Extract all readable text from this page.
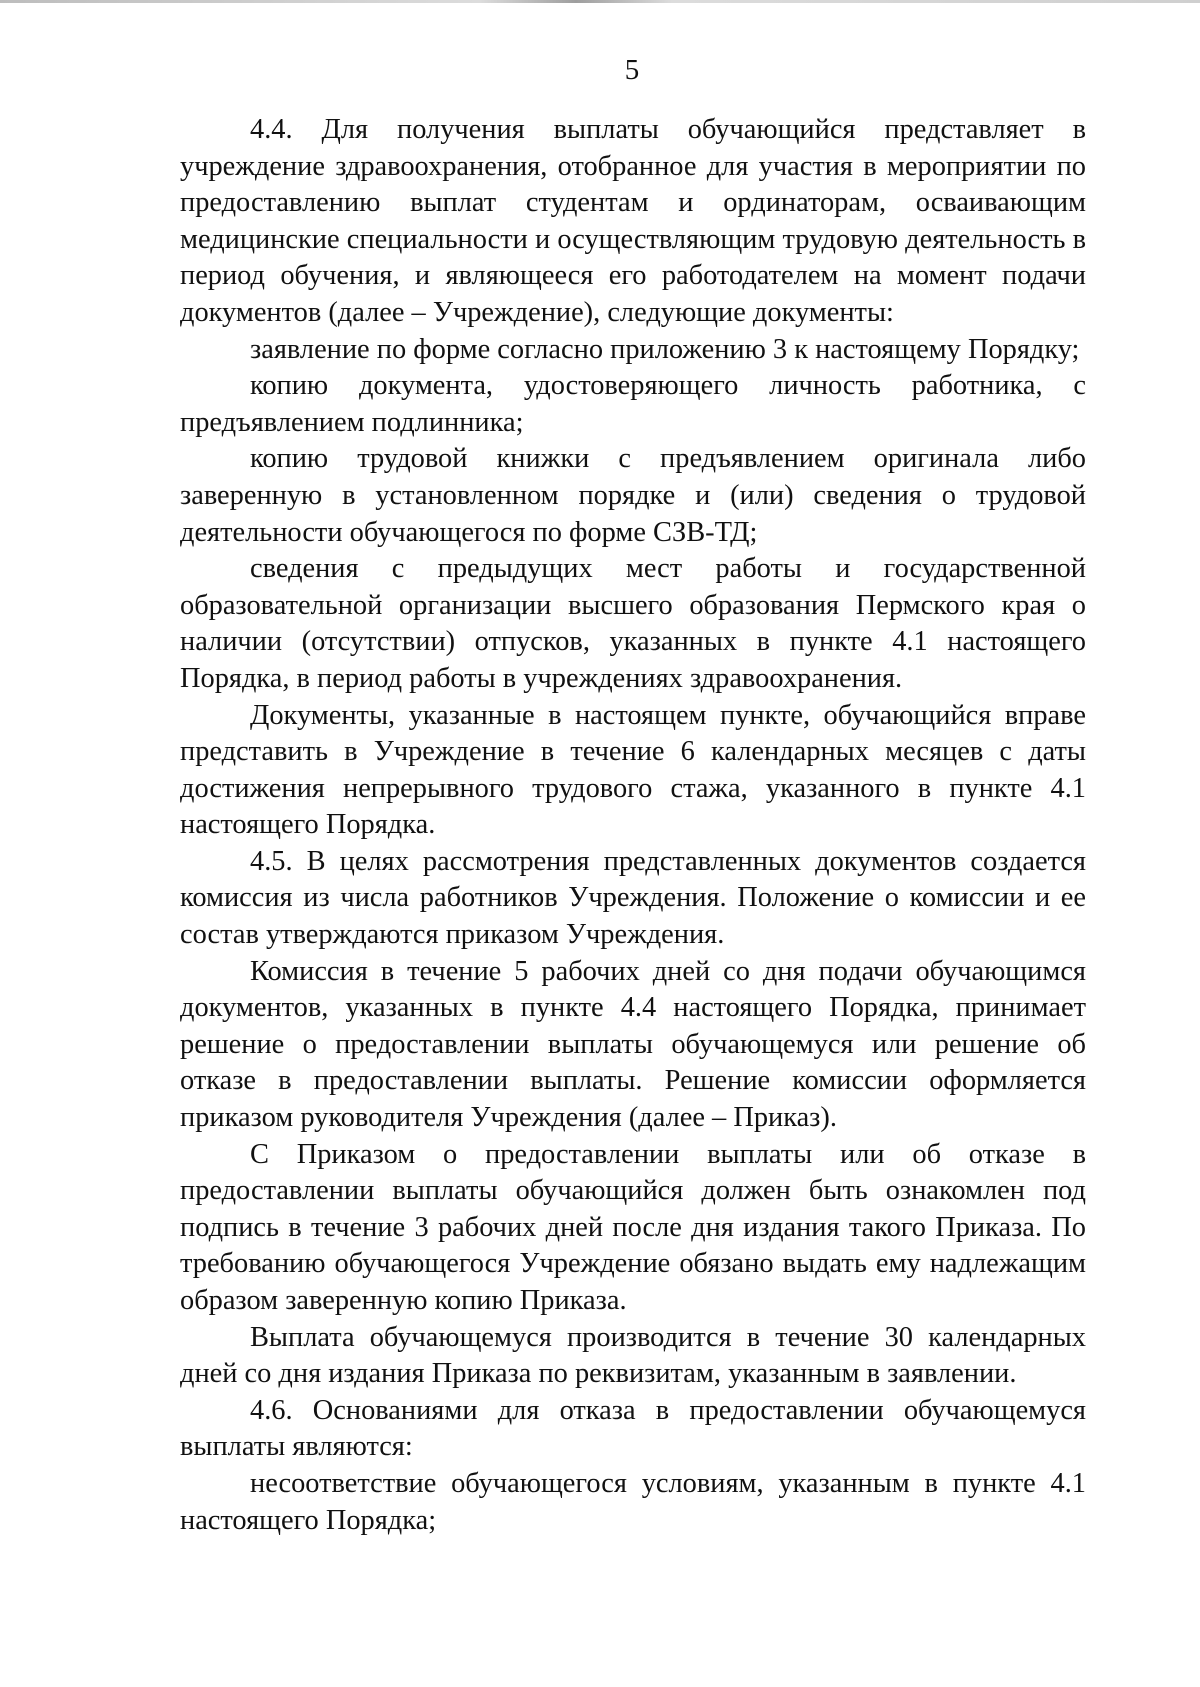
5

4.4. Для получения выплаты обучающийся представляет в учреждение здравоохранения, отобранное для участия в мероприятии по предоставлению выплат студентам и ординаторам, осваивающим медицинские специальности и осуществляющим трудовую деятельность в период обучения, и являющееся его работодателем на момент подачи документов (далее – Учреждение), следующие документы:

заявление по форме согласно приложению 3 к настоящему Порядку;

копию документа, удостоверяющего личность работника, с предъявлением подлинника;

копию трудовой книжки с предъявлением оригинала либо заверенную в установленном порядке и (или) сведения о трудовой деятельности обучающегося по форме СЗВ-ТД;

сведения с предыдущих мест работы и государственной образовательной организации высшего образования Пермского края о наличии (отсутствии) отпусков, указанных в пункте 4.1 настоящего Порядка, в период работы в учреждениях здравоохранения.

Документы, указанные в настоящем пункте, обучающийся вправе представить в Учреждение в течение 6 календарных месяцев с даты достижения непрерывного трудового стажа, указанного в пункте 4.1 настоящего Порядка.

4.5. В целях рассмотрения представленных документов создается комиссия из числа работников Учреждения. Положение о комиссии и ее состав утверждаются приказом Учреждения.

Комиссия в течение 5 рабочих дней со дня подачи обучающимся документов, указанных в пункте 4.4 настоящего Порядка, принимает решение о предоставлении выплаты обучающемуся или решение об отказе в предоставлении выплаты. Решение комиссии оформляется приказом руководителя Учреждения (далее – Приказ).

С Приказом о предоставлении выплаты или об отказе в предоставлении выплаты обучающийся должен быть ознакомлен под подпись в течение 3 рабочих дней после дня издания такого Приказа. По требованию обучающегося Учреждение обязано выдать ему надлежащим образом заверенную копию Приказа.

Выплата обучающемуся производится в течение 30 календарных дней со дня издания Приказа по реквизитам, указанным в заявлении.

4.6. Основаниями для отказа в предоставлении обучающемуся выплаты являются:

несоответствие обучающегося условиям, указанным в пункте 4.1 настоящего Порядка;
